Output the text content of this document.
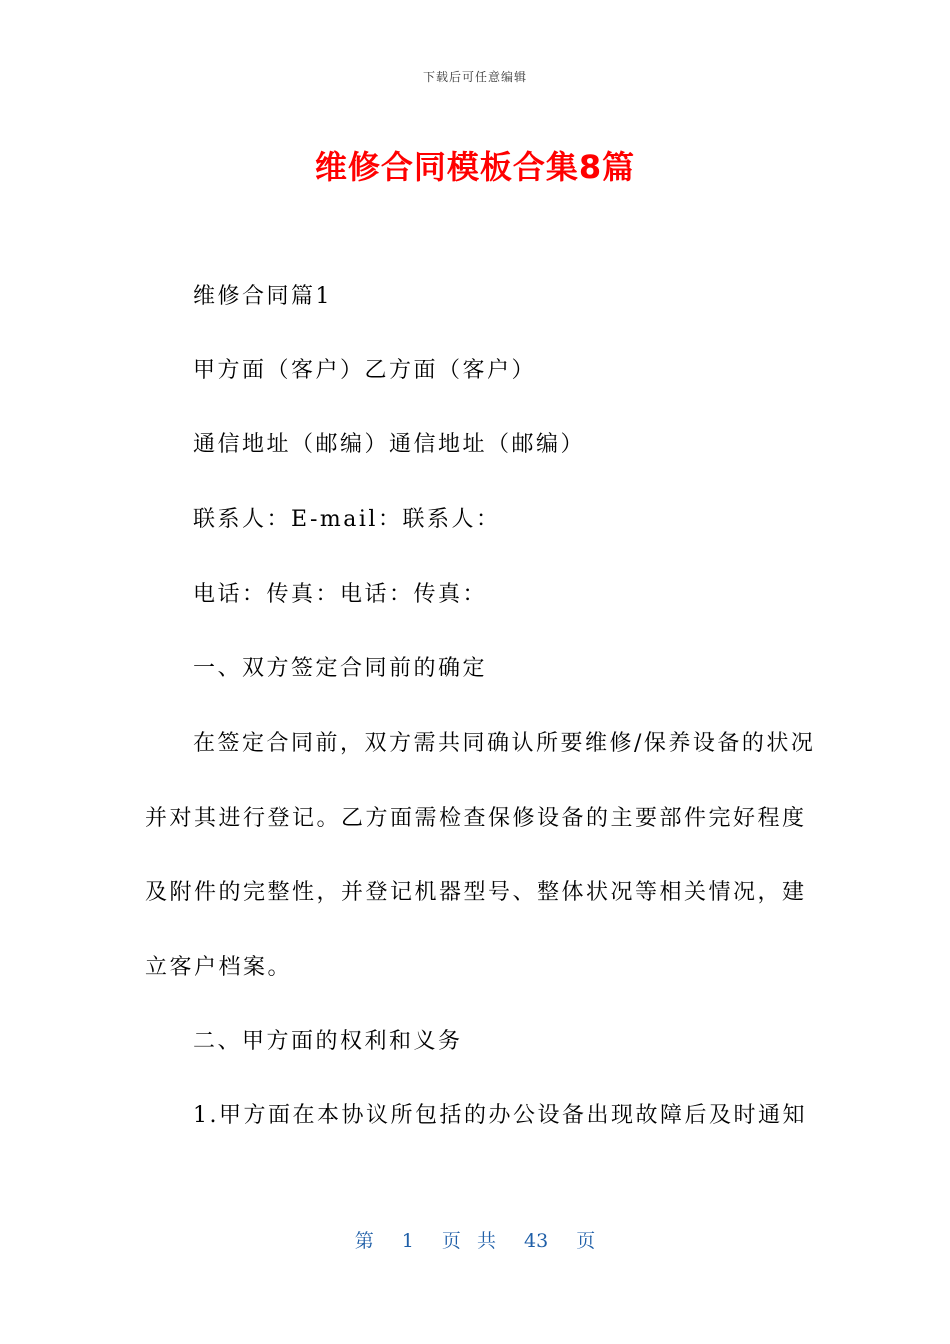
下载后可任意编辑
维修合同模板合集8篇
维修合同篇1
甲方面（客户）乙方面（客户）
通信地址（邮编）通信地址（邮编）
联系人：E-mail：联系人：
电话：传真：电话：传真：
一、双方签定合同前的确定
在签定合同前，双方需共同确认所要维修/保养设备的状况
并对其进行登记。乙方面需检查保修设备的主要部件完好程度
及附件的完整性，并登记机器型号、整体状况等相关情况，建
立客户档案。
二、甲方面的权利和义务
1.甲方面在本协议所包括的办公设备出现故障后及时通知
第 1 页 共 43 页
